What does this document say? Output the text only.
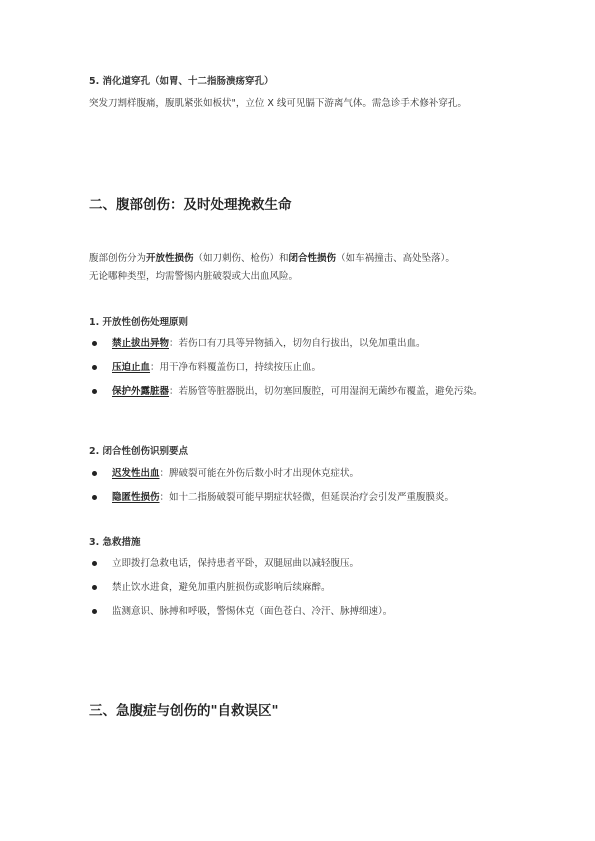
5. 消化道穿孔（如胃、十二指肠溃疡穿孔）
突发刀割样腹痛，腹肌紧张如板状"，立位 X 线可见膈下游离气体。需急诊手术修补穿孔。
二、腹部创伤：及时处理挽救生命
腹部创伤分为开放性损伤（如刀刺伤、枪伤）和闭合性损伤（如车祸撞击、高处坠落）。
无论哪种类型，均需警惕内脏破裂或大出血风险。
1. 开放性创伤处理原则
禁止拔出异物：若伤口有刀具等异物插入，切勿自行拔出，以免加重出血。
压迫止血：用干净布料覆盖伤口，持续按压止血。
保护外露脏器：若肠管等脏器脱出，切勿塞回腹腔，可用湿润无菌纱布覆盖，避免污染。
2. 闭合性创伤识别要点
迟发性出血：脾破裂可能在外伤后数小时才出现休克症状。
隐匿性损伤：如十二指肠破裂可能早期症状轻微，但延误治疗会引发严重腹膜炎。
3. 急救措施
立即拨打急救电话，保持患者平卧，双腿屈曲以减轻腹压。
禁止饮水进食，避免加重内脏损伤或影响后续麻醉。
监测意识、脉搏和呼吸，警惕休克（面色苍白、冷汗、脉搏细速）。
三、急腹症与创伤的"自救误区"
